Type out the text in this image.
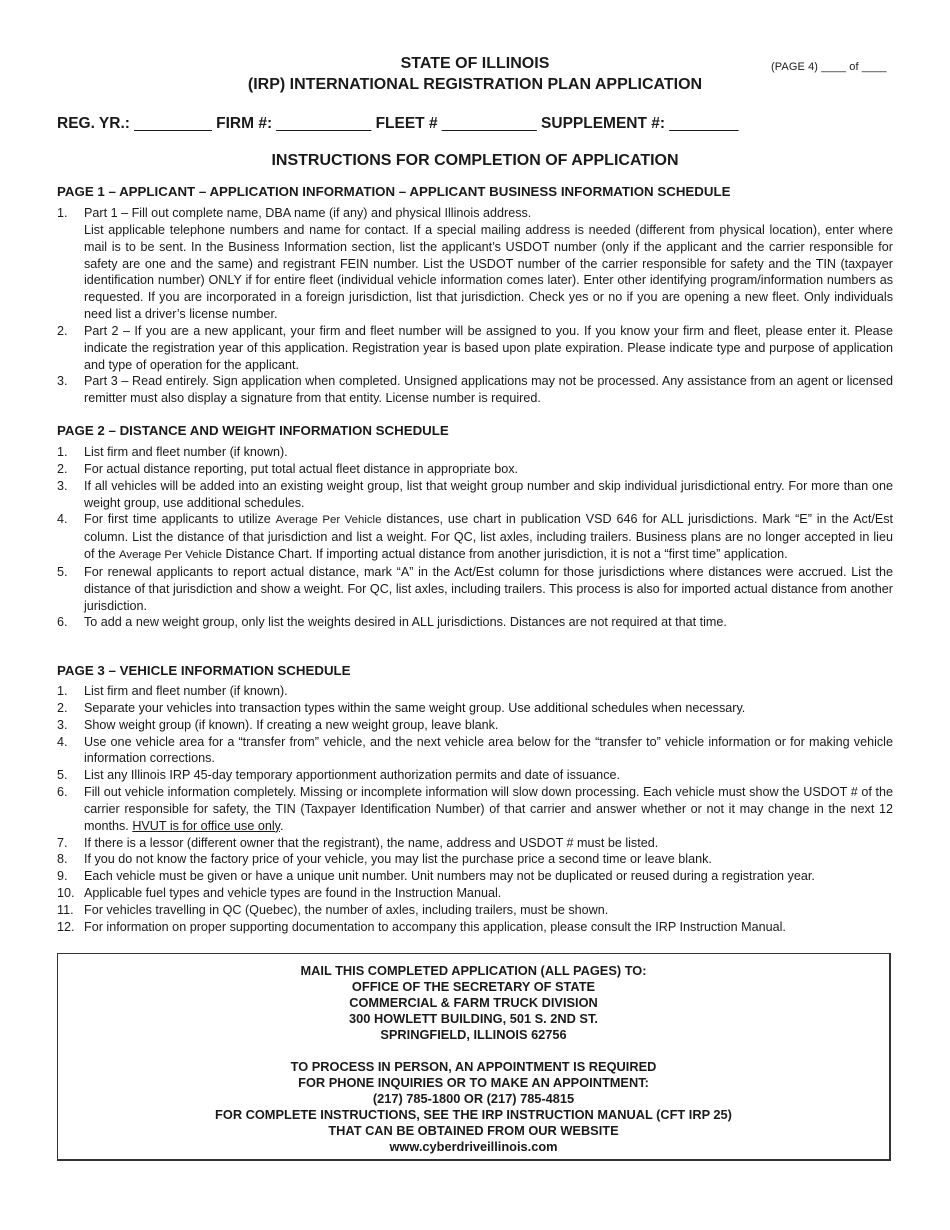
(PAGE 4) ____ of ____
STATE OF ILLINOIS
(IRP) INTERNATIONAL REGISTRATION PLAN APPLICATION
REG. YR.: _________ FIRM #: ___________ FLEET # ___________ SUPPLEMENT #: ________
INSTRUCTIONS FOR COMPLETION OF APPLICATION
PAGE 1 – APPLICANT – APPLICATION INFORMATION – APPLICANT BUSINESS INFORMATION SCHEDULE
1. Part 1 – Fill out complete name, DBA name (if any) and physical Illinois address.
List applicable telephone numbers and name for contact. If a special mailing address is needed (different from physical location), enter where mail is to be sent. In the Business Information section, list the applicant’s USDOT number (only if the applicant and the carrier responsible for safety are one and the same) and registrant FEIN number. List the USDOT number of the carrier responsible for safety and the TIN (taxpayer identification number) ONLY if for entire fleet (individual vehicle information comes later). Enter other identifying program/information numbers as requested. If you are incorporated in a foreign jurisdiction, list that jurisdiction. Check yes or no if you are opening a new fleet. Only individuals need list a driver’s license number.
2. Part 2 – If you are a new applicant, your firm and fleet number will be assigned to you. If you know your firm and fleet, please enter it. Please indicate the registration year of this application. Registration year is based upon plate expiration. Please indicate type and purpose of application and type of operation for the applicant.
3. Part 3 – Read entirely. Sign application when completed. Unsigned applications may not be processed. Any assistance from an agent or licensed remitter must also display a signature from that entity. License number is required.
PAGE 2 – DISTANCE AND WEIGHT INFORMATION SCHEDULE
1. List firm and fleet number (if known).
2. For actual distance reporting, put total actual fleet distance in appropriate box.
3. If all vehicles will be added into an existing weight group, list that weight group number and skip individual jurisdictional entry. For more than one weight group, use additional schedules.
4. For first time applicants to utilize Average Per Vehicle distances, use chart in publication VSD 646 for ALL jurisdictions. Mark “E” in the Act/Est column. List the distance of that jurisdiction and list a weight. For QC, list axles, including trailers. Business plans are no longer accepted in lieu of the Average Per Vehicle Distance Chart. If importing actual distance from another jurisdiction, it is not a “first time” application.
5. For renewal applicants to report actual distance, mark “A” in the Act/Est column for those jurisdictions where distances were accrued. List the distance of that jurisdiction and show a weight. For QC, list axles, including trailers. This process is also for imported actual distance from another jurisdiction.
6. To add a new weight group, only list the weights desired in ALL jurisdictions. Distances are not required at that time.
PAGE 3 – VEHICLE INFORMATION SCHEDULE
1. List firm and fleet number (if known).
2. Separate your vehicles into transaction types within the same weight group. Use additional schedules when necessary.
3. Show weight group (if known). If creating a new weight group, leave blank.
4. Use one vehicle area for a “transfer from” vehicle, and the next vehicle area below for the “transfer to” vehicle information or for making vehicle information corrections.
5. List any Illinois IRP 45-day temporary apportionment authorization permits and date of issuance.
6. Fill out vehicle information completely. Missing or incomplete information will slow down processing. Each vehicle must show the USDOT # of the carrier responsible for safety, the TIN (Taxpayer Identification Number) of that carrier and answer whether or not it may change in the next 12 months. HVUT is for office use only.
7. If there is a lessor (different owner that the registrant), the name, address and USDOT # must be listed.
8. If you do not know the factory price of your vehicle, you may list the purchase price a second time or leave blank.
9. Each vehicle must be given or have a unique unit number. Unit numbers may not be duplicated or reused during a registration year.
10. Applicable fuel types and vehicle types are found in the Instruction Manual.
11. For vehicles travelling in QC (Quebec), the number of axles, including trailers, must be shown.
12. For information on proper supporting documentation to accompany this application, please consult the IRP Instruction Manual.
MAIL THIS COMPLETED APPLICATION (ALL PAGES) TO:
OFFICE OF THE SECRETARY OF STATE
COMMERCIAL & FARM TRUCK DIVISION
300 HOWLETT BUILDING, 501 S. 2ND ST.
SPRINGFIELD, ILLINOIS 62756
TO PROCESS IN PERSON, AN APPOINTMENT IS REQUIRED
FOR PHONE INQUIRIES OR TO MAKE AN APPOINTMENT:
(217) 785-1800 OR (217) 785-4815
FOR COMPLETE INSTRUCTIONS, SEE THE IRP INSTRUCTION MANUAL (CFT IRP 25)
THAT CAN BE OBTAINED FROM OUR WEBSITE
www.cyberdriveillinois.com
